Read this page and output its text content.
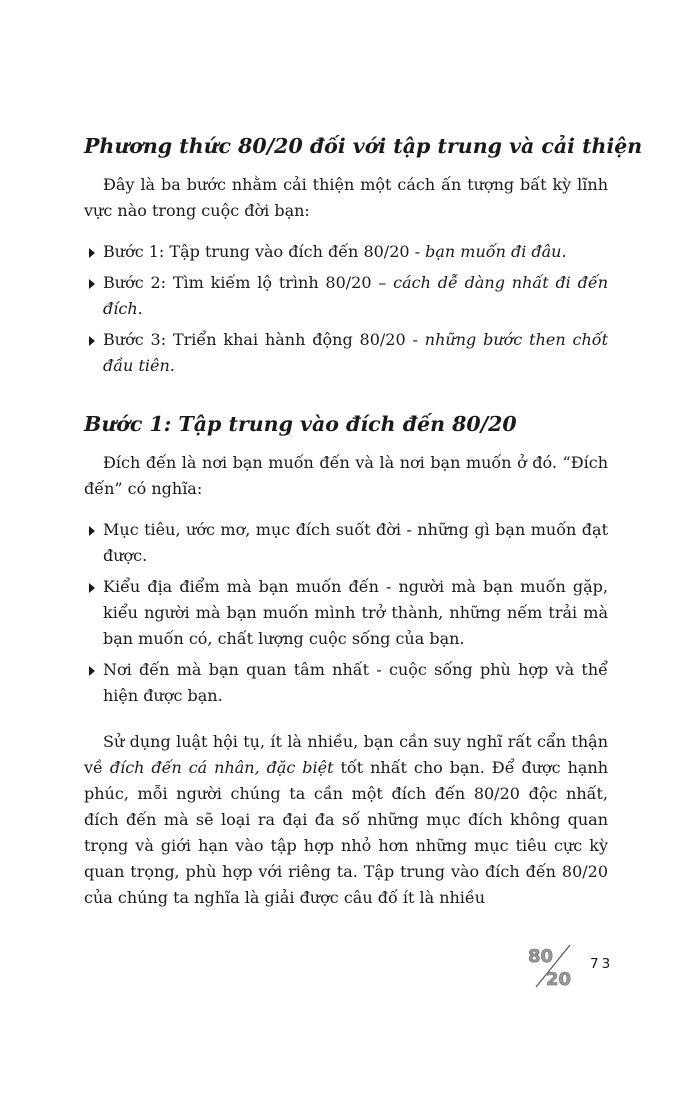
Phương thức 80/20 đối với tập trung và cải thiện

Đây là ba bước nhằm cải thiện một cách ấn tượng bất kỳ lĩnh vực nào trong cuộc đời bạn:

Bước 1: Tập trung vào đích đến 80/20 - bạn muốn đi đâu.
Bước 2: Tìm kiếm lộ trình 80/20 – cách dễ dàng nhất đi đến đích.
Bước 3: Triển khai hành động 80/20 - những bước then chốt đầu tiên.
Bước 1: Tập trung vào đích đến 80/20

Đích đến là nơi bạn muốn đến và là nơi bạn muốn ở đó. “Đích đến” có nghĩa:

Mục tiêu, ước mơ, mục đích suốt đời - những gì bạn muốn đạt được.
Kiểu địa điểm mà bạn muốn đến - người mà bạn muốn gặp, kiểu người mà bạn muốn mình trở thành, những nếm trải mà bạn muốn có, chất lượng cuộc sống của bạn.
Nơi đến mà bạn quan tâm nhất - cuộc sống phù hợp và thể hiện được bạn.

Sử dụng luật hội tụ, ít là nhiều, bạn cần suy nghĩ rất cẩn thận về đích đến cá nhân, đặc biệt tốt nhất cho bạn. Để được hạnh phúc, mỗi người chúng ta cần một đích đến 80/20 độc nhất, đích đến mà sẽ loại ra đại đa số những mục đích không quan trọng và giới hạn vào tập hợp nhỏ hơn những mục tiêu cực kỳ quan trọng, phù hợp với riêng ta. Tập trung vào đích đến 80/20 của chúng ta nghĩa là giải được câu đố ít là nhiều

80
20
73
